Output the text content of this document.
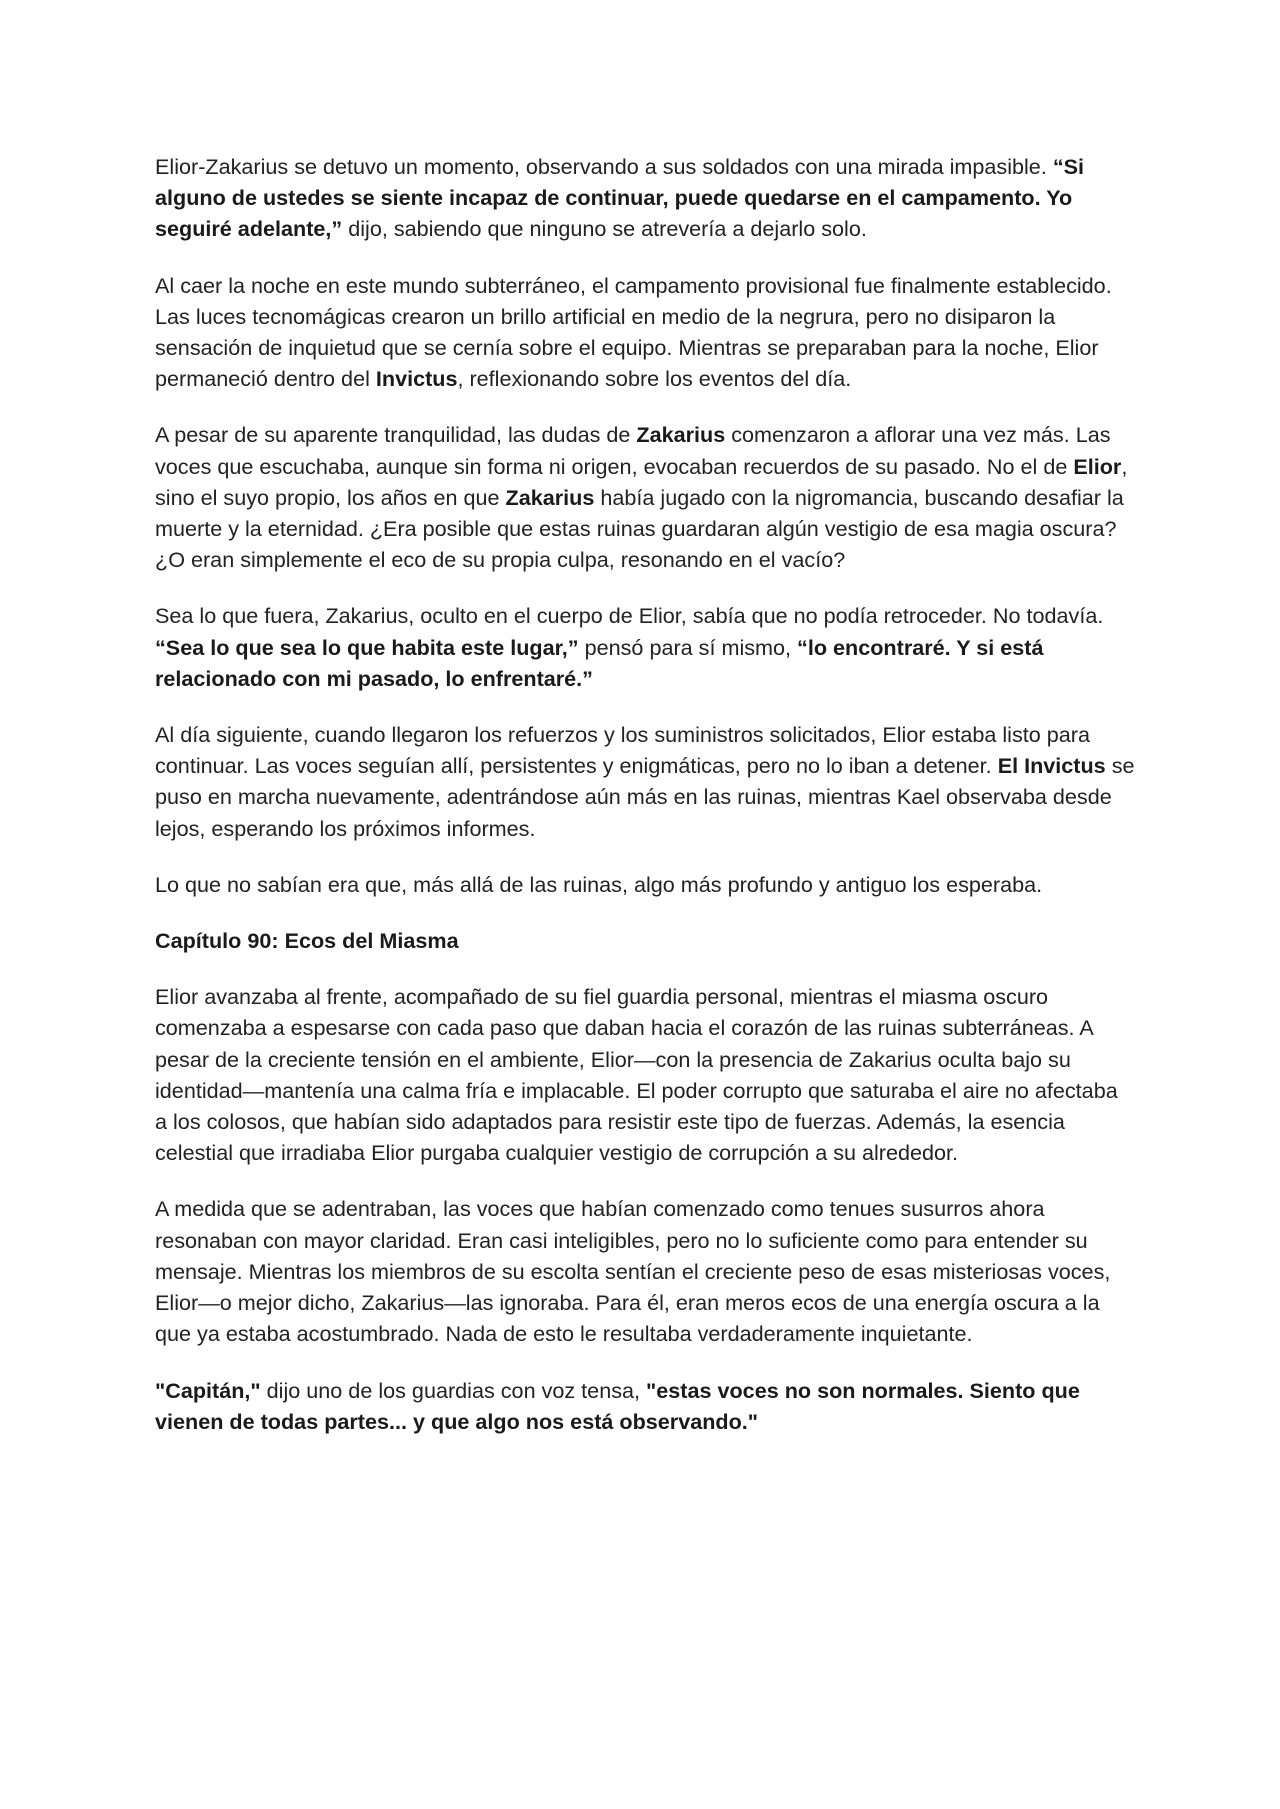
Elior-Zakarius se detuvo un momento, observando a sus soldados con una mirada impasible. “Si alguno de ustedes se siente incapaz de continuar, puede quedarse en el campamento. Yo seguiré adelante,” dijo, sabiendo que ninguno se atrevería a dejarlo solo.

Al caer la noche en este mundo subterráneo, el campamento provisional fue finalmente establecido. Las luces tecnomágicas crearon un brillo artificial en medio de la negrura, pero no disiparon la sensación de inquietud que se cernía sobre el equipo. Mientras se preparaban para la noche, Elior permaneció dentro del Invictus, reflexionando sobre los eventos del día.

A pesar de su aparente tranquilidad, las dudas de Zakarius comenzaron a aflorar una vez más. Las voces que escuchaba, aunque sin forma ni origen, evocaban recuerdos de su pasado. No el de Elior, sino el suyo propio, los años en que Zakarius había jugado con la nigromancia, buscando desafiar la muerte y la eternidad. ¿Era posible que estas ruinas guardaran algún vestigio de esa magia oscura? ¿O eran simplemente el eco de su propia culpa, resonando en el vacío?

Sea lo que fuera, Zakarius, oculto en el cuerpo de Elior, sabía que no podía retroceder. No todavía. “Sea lo que sea lo que habita este lugar,” pensó para sí mismo, “lo encontraré. Y si está relacionado con mi pasado, lo enfrentaré.”

Al día siguiente, cuando llegaron los refuerzos y los suministros solicitados, Elior estaba listo para continuar. Las voces seguían allí, persistentes y enigmáticas, pero no lo iban a detener. El Invictus se puso en marcha nuevamente, adentrándose aún más en las ruinas, mientras Kael observaba desde lejos, esperando los próximos informes.

Lo que no sabían era que, más allá de las ruinas, algo más profundo y antiguo los esperaba.

Capítulo 90: Ecos del Miasma

Elior avanzaba al frente, acompañado de su fiel guardia personal, mientras el miasma oscuro comenzaba a espesarse con cada paso que daban hacia el corazón de las ruinas subterráneas. A pesar de la creciente tensión en el ambiente, Elior—con la presencia de Zakarius oculta bajo su identidad—mantenía una calma fría e implacable. El poder corrupto que saturaba el aire no afectaba a los colosos, que habían sido adaptados para resistir este tipo de fuerzas. Además, la esencia celestial que irradiaba Elior purgaba cualquier vestigio de corrupción a su alrededor.

A medida que se adentraban, las voces que habían comenzado como tenues susurros ahora resonaban con mayor claridad. Eran casi inteligibles, pero no lo suficiente como para entender su mensaje. Mientras los miembros de su escolta sentían el creciente peso de esas misteriosas voces, Elior—o mejor dicho, Zakarius—las ignoraba. Para él, eran meros ecos de una energía oscura a la que ya estaba acostumbrado. Nada de esto le resultaba verdaderamente inquietante.

"Capitán," dijo uno de los guardias con voz tensa, "estas voces no son normales. Siento que vienen de todas partes... y que algo nos está observando."
